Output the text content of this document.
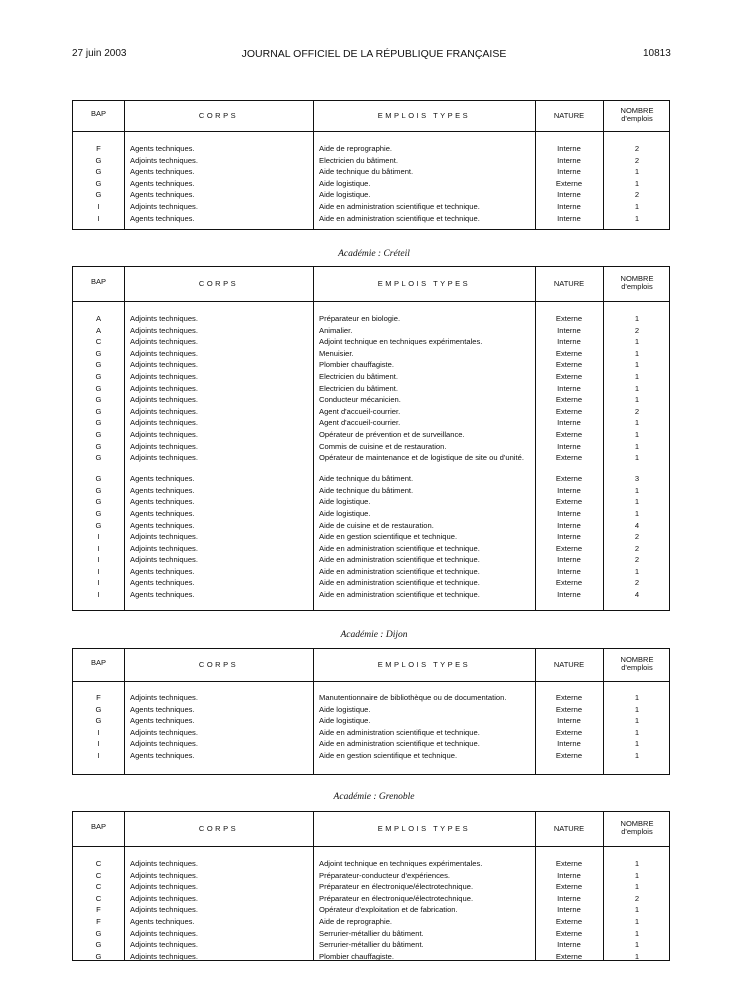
27 juin 2003	JOURNAL OFFICIEL DE LA RÉPUBLIQUE FRANÇAISE	10813
BAP	CORPS	EMPLOIS TYPES	NATURE
NOMBRE
d'emplois
F	Agents techniques.	Aide de reprographie.	Interne	2
G	Adjoints techniques.	Electricien du bâtiment.	Interne	2
G	Agents techniques.	Aide technique du bâtiment.	Interne	1
G	Agents techniques.	Aide logistique.	Externe	1
G	Agents techniques.	Aide logistique.	Interne	2
I	Adjoints techniques.	Aide en administration scientifique et technique.	Interne	1
I	Agents techniques.	Aide en administration scientifique et technique.	Interne	1
Académie : Créteil
BAP	CORPS	EMPLOIS TYPES	NATURE
NOMBRE
d'emplois
A	Adjoints techniques.	Préparateur en biologie.	Externe	1
A	Adjoints techniques.	Animalier.	Interne	2
C	Adjoints techniques.	Adjoint technique en techniques expérimentales.	Interne	1
G	Adjoints techniques.	Menuisier.	Externe	1
G	Adjoints techniques.	Plombier chauffagiste.	Externe	1
G	Adjoints techniques.	Electricien du bâtiment.	Externe	1
G	Adjoints techniques.	Electricien du bâtiment.	Interne	1
G	Adjoints techniques.	Conducteur mécanicien.	Externe	1
G	Adjoints techniques.	Agent d'accueil-courrier.	Externe	2
G	Adjoints techniques.	Agent d'accueil-courrier.	Interne	1
G	Adjoints techniques.	Opérateur de prévention et de surveillance.	Externe	1
G	Adjoints techniques.	Commis de cuisine et de restauration.	Interne	1
G	Adjoints techniques.	Opérateur de maintenance et de logistique de site ou d'unité.	Externe	1
G	Agents techniques.	Aide technique du bâtiment.	Externe	3
G	Agents techniques.	Aide technique du bâtiment.	Interne	1
G	Agents techniques.	Aide logistique.	Externe	1
G	Agents techniques.	Aide logistique.	Interne	1
G	Agents techniques.	Aide de cuisine et de restauration.	Interne	4
I	Adjoints techniques.	Aide en gestion scientifique et technique.	Interne	2
I	Adjoints techniques.	Aide en administration scientifique et technique.	Externe	2
I	Adjoints techniques.	Aide en administration scientifique et technique.	Interne	2
I	Agents techniques.	Aide en administration scientifique et technique.	Interne	1
I	Agents techniques.	Aide en administration scientifique et technique.	Externe	2
I	Agents techniques.	Aide en administration scientifique et technique.	Interne	4
Académie : Dijon
BAP	CORPS	EMPLOIS TYPES	NATURE
NOMBRE
d'emplois
F	Adjoints techniques.	Manutentionnaire de bibliothèque ou de documentation.	Externe	1
G	Agents techniques.	Aide logistique.	Externe	1
G	Agents techniques.	Aide logistique.	Interne	1
I	Adjoints techniques.	Aide en administration scientifique et technique.	Externe	1
I	Adjoints techniques.	Aide en administration scientifique et technique.	Interne	1
I	Agents techniques.	Aide en gestion scientifique et technique.	Externe	1
Académie : Grenoble
BAP	CORPS	EMPLOIS TYPES	NATURE
NOMBRE
d'emplois
C	Adjoints techniques.	Adjoint technique en techniques expérimentales.	Externe	1
C	Adjoints techniques.	Préparateur-conducteur d'expériences.	Interne	1
C	Adjoints techniques.	Préparateur en électronique/électrotechnique.	Externe	1
C	Adjoints techniques.	Préparateur en électronique/électrotechnique.	Interne	2
F	Adjoints techniques.	Opérateur d'exploitation et de fabrication.	Interne	1
F	Agents techniques.	Aide de reprographie.	Externe	1
G	Adjoints techniques.	Serrurier-métallier du bâtiment.	Externe	1
G	Adjoints techniques.	Serrurier-métallier du bâtiment.	Interne	1
G	Adjoints techniques.	Plombier chauffagiste.	Externe	1
